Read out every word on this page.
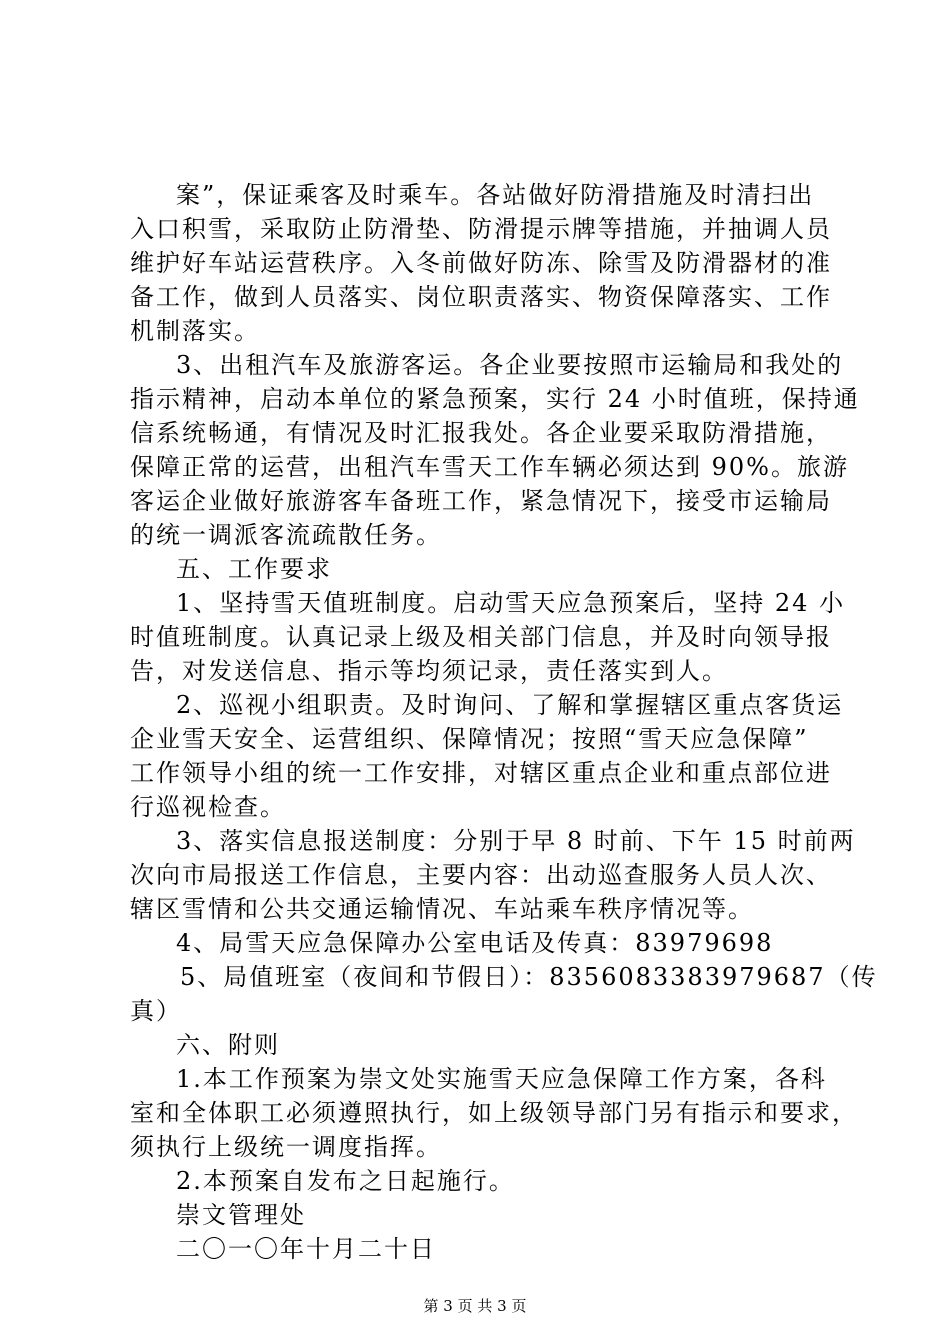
案”，保证乘客及时乘车。各站做好防滑措施及时清扫出
入口积雪，采取防止防滑垫、防滑提示牌等措施，并抽调人员
维护好车站运营秩序。入冬前做好防冻、除雪及防滑器材的准
备工作，做到人员落实、岗位职责落实、物资保障落实、工作
机制落实。
3、出租汽车及旅游客运。各企业要按照市运输局和我处的
指示精神，启动本单位的紧急预案，实行 24 小时值班，保持通
信系统畅通，有情况及时汇报我处。各企业要采取防滑措施，
保障正常的运营，出租汽车雪天工作车辆必须达到 90%。旅游
客运企业做好旅游客车备班工作，紧急情况下，接受市运输局
的统一调派客流疏散任务。
五、工作要求
1、坚持雪天值班制度。启动雪天应急预案后，坚持 24 小
时值班制度。认真记录上级及相关部门信息，并及时向领导报
告，对发送信息、指示等均须记录，责任落实到人。
2、巡视小组职责。及时询问、了解和掌握辖区重点客货运
企业雪天安全、运营组织、保障情况；按照“雪天应急保障”
工作领导小组的统一工作安排，对辖区重点企业和重点部位进
行巡视检查。
3、落实信息报送制度：分别于早 8 时前、下午 15 时前两
次向市局报送工作信息，主要内容：出动巡查服务人员人次、
辖区雪情和公共交通运输情况、车站乘车秩序情况等。
4、局雪天应急保障办公室电话及传真：83979698
5、局值班室（夜间和节假日）：8356083383979687（传
真）
六、附则
1.本工作预案为崇文处实施雪天应急保障工作方案，各科
室和全体职工必须遵照执行，如上级领导部门另有指示和要求，
须执行上级统一调度指挥。
2.本预案自发布之日起施行。
崇文管理处
二〇一〇年十月二十日
第 3 页 共 3 页
